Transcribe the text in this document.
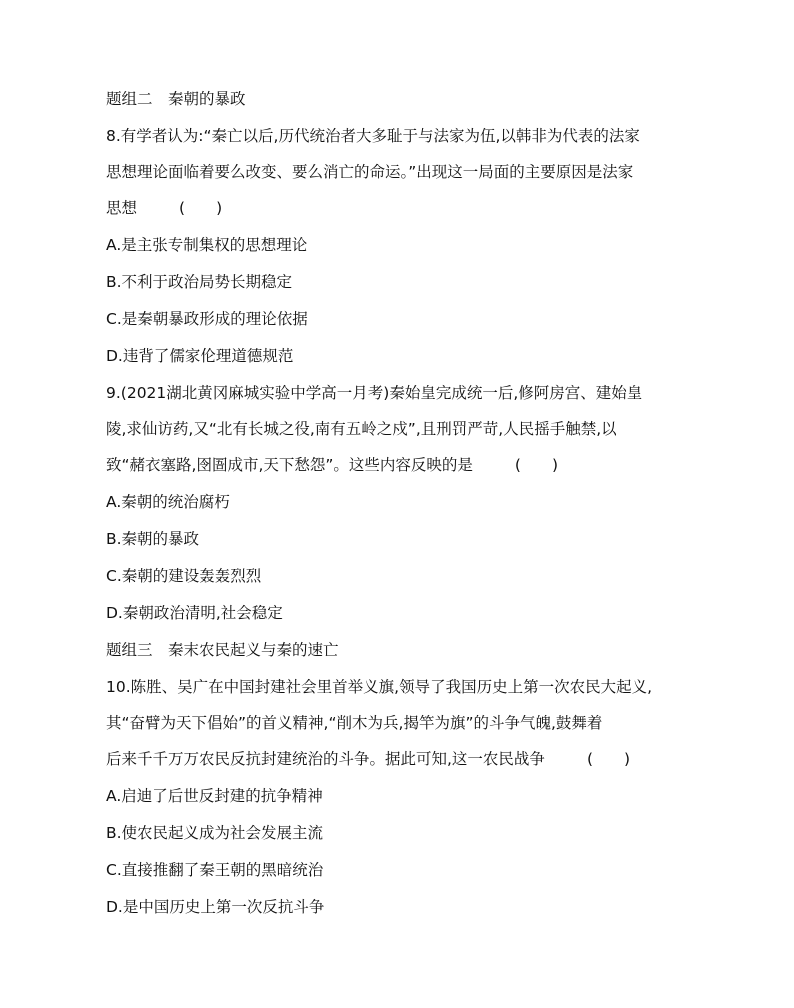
题组二　秦朝的暴政
8.有学者认为:“秦亡以后,历代统治者大多耻于与法家为伍,以韩非为代表的法家
思想理论面临着要么改变、要么消亡的命运。”出现这一局面的主要原因是法家
思想	(　　)
A.是主张专制集权的思想理论
B.不利于政治局势长期稳定
C.是秦朝暴政形成的理论依据
D.违背了儒家伦理道德规范
9.(2021湖北黄冈麻城实验中学高一月考)秦始皇完成统一后,修阿房宫、建始皇
陵,求仙访药,又“北有长城之役,南有五岭之戍”,且刑罚严苛,人民摇手触禁,以
致“赭衣塞路,囹圄成市,天下愁怨”。这些内容反映的是	(　　)
A.秦朝的统治腐朽
B.秦朝的暴政
C.秦朝的建设轰轰烈烈
D.秦朝政治清明,社会稳定
题组三　秦末农民起义与秦的速亡
10.陈胜、吴广在中国封建社会里首举义旗,领导了我国历史上第一次农民大起义,
其“奋臂为天下倡始”的首义精神,“削木为兵,揭竿为旗”的斗争气魄,鼓舞着
后来千千万万农民反抗封建统治的斗争。据此可知,这一农民战争	(　　)
A.启迪了后世反封建的抗争精神
B.使农民起义成为社会发展主流
C.直接推翻了秦王朝的黑暗统治
D.是中国历史上第一次反抗斗争
